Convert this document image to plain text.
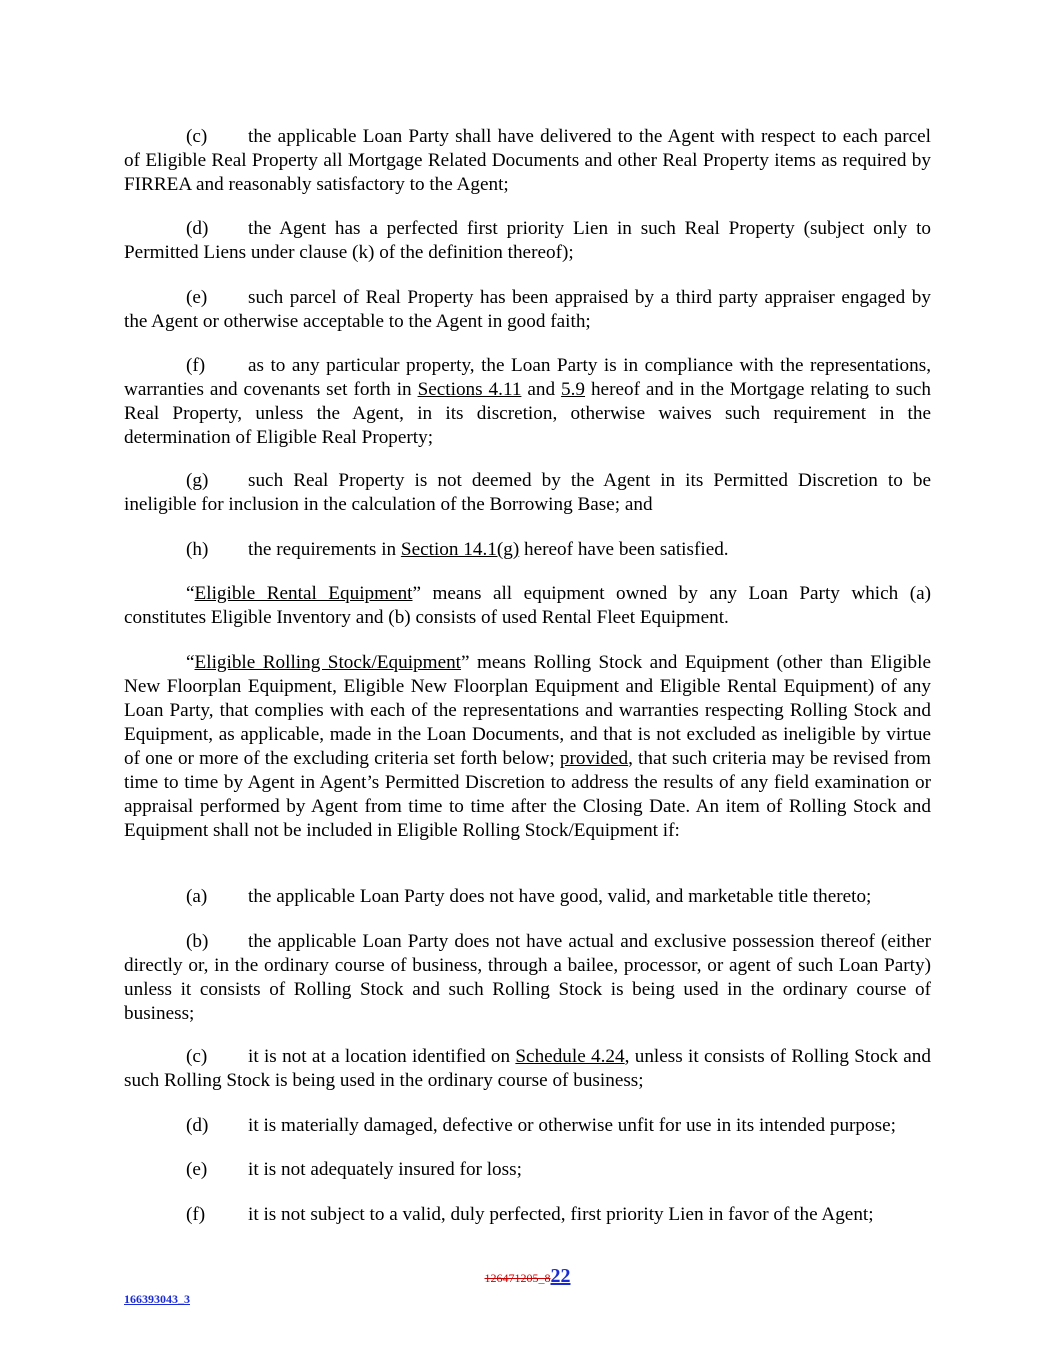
(c) the applicable Loan Party shall have delivered to the Agent with respect to each parcel of Eligible Real Property all Mortgage Related Documents and other Real Property items as required by FIRREA and reasonably satisfactory to the Agent;

(d) the Agent has a perfected first priority Lien in such Real Property (subject only to Permitted Liens under clause (k) of the definition thereof);

(e) such parcel of Real Property has been appraised by a third party appraiser engaged by the Agent or otherwise acceptable to the Agent in good faith;

(f) as to any particular property, the Loan Party is in compliance with the representations, warranties and covenants set forth in Sections 4.11 and 5.9 hereof and in the Mortgage relating to such Real Property, unless the Agent, in its discretion, otherwise waives such requirement in the determination of Eligible Real Property;

(g) such Real Property is not deemed by the Agent in its Permitted Discretion to be ineligible for inclusion in the calculation of the Borrowing Base; and

(h) the requirements in Section 14.1(g) hereof have been satisfied.

“Eligible Rental Equipment” means all equipment owned by any Loan Party which (a) constitutes Eligible Inventory and (b) consists of used Rental Fleet Equipment.

“Eligible Rolling Stock/Equipment” means Rolling Stock and Equipment (other than Eligible New Floorplan Equipment, Eligible New Floorplan Equipment and Eligible Rental Equipment) of any Loan Party, that complies with each of the representations and warranties respecting Rolling Stock and Equipment, as applicable, made in the Loan Documents, and that is not excluded as ineligible by virtue of one or more of the excluding criteria set forth below; provided, that such criteria may be revised from time to time by Agent in Agent’s Permitted Discretion to address the results of any field examination or appraisal performed by Agent from time to time after the Closing Date. An item of Rolling Stock and Equipment shall not be included in Eligible Rolling Stock/Equipment if:

(a) the applicable Loan Party does not have good, valid, and marketable title thereto;

(b) the applicable Loan Party does not have actual and exclusive possession thereof (either directly or, in the ordinary course of business, through a bailee, processor, or agent of such Loan Party) unless it consists of Rolling Stock and such Rolling Stock is being used in the ordinary course of business;

(c) it is not at a location identified on Schedule 4.24, unless it consists of Rolling Stock and such Rolling Stock is being used in the ordinary course of business;

(d) it is materially damaged, defective or otherwise unfit for use in its intended purpose;

(e) it is not adequately insured for loss;

(f) it is not subject to a valid, duly perfected, first priority Lien in favor of the Agent;

126471205_822
166393043_3
